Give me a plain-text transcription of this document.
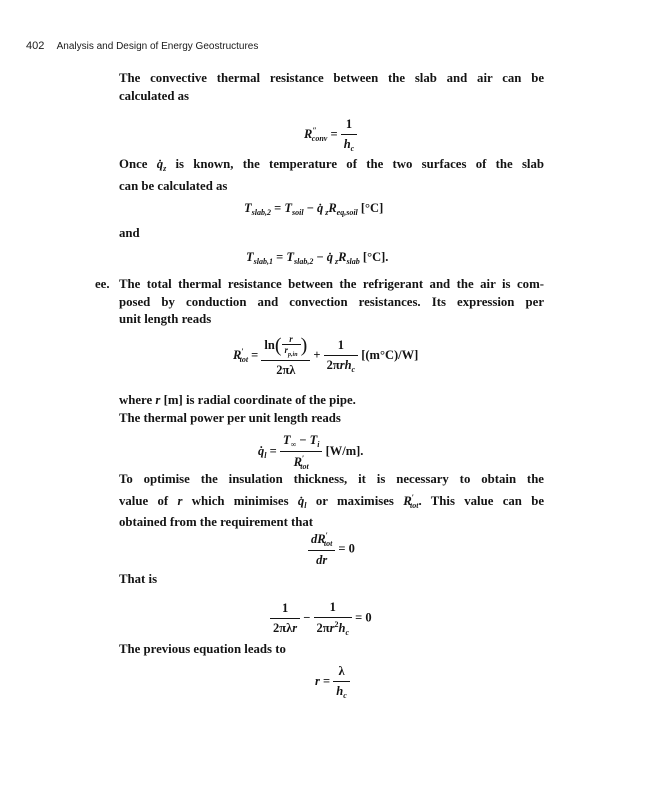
402 Analysis and Design of Energy Geostructures

The convective thermal resistance between the slab and air can be

calculated as

$R''_{conv} = \frac{1}{h_c}$

Once $q̇_z$ is known, the temperature of the two surfaces of the slab

can be calculated as

$T_{slab,2} = T_{soil}$ − q̇ $_zR_{eq,soil}$ [°C]
and
$T_{slab,1} = T_{slab,2}$ − q̇ $_zR_{slab}$ [°C].
ee. The total thermal resistance between the refrigerant and the air is com-

posed by conduction and convection resistances. Its expression per

unit length reads

$R'_{tot} = \frac{\ln( \frac{r}{r_{p,in}} )}{2\pi\lambda} + \frac{1}{2\pi rh_c} [(m^\circ C)/W]$

where r [m] is radial coordinate of the pipe.

The thermal power per unit length reads

$q̇_l = \frac{T_\infty - T_i}{R'_{tot}} [W/m]$.

To optimise the insulation thickness, it is necessary to obtain the

value of r which minimises $q̇_l$ or maximises $R'_{tot}$. This value can be

obtained from the requirement that

$\frac{dR'_{tot}}{dr} = 0$
That is
$\frac{1}{\text{2πλr}} - \frac{1}{2\pi r^2h_c} = 0$
The previous equation leads to
$r = \frac{\lambda}{h_c}$
